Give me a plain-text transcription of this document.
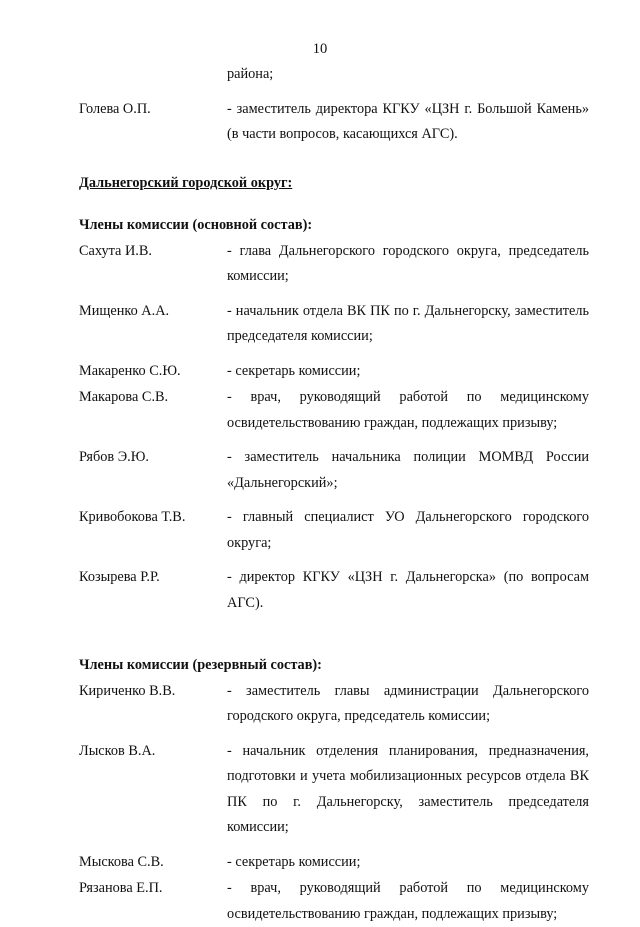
10
района;
Голева О.П.	- заместитель директора КГКУ «ЦЗН г. Большой Камень» (в части вопросов, касающихся АГС).
Дальнегорский городской округ:
Члены комиссии (основной состав):
Сахута И.В.	- глава Дальнегорского городского округа, председатель комиссии;
Мищенко А.А.	- начальник отдела ВК ПК по г. Дальнегорску, заместитель председателя комиссии;
Макаренко С.Ю.	- секретарь комиссии;
Макарова С.В.	- врач, руководящий работой по медицинскому освидетельствованию граждан, подлежащих призыву;
Рябов Э.Ю.	- заместитель начальника полиции МОМВД России «Дальнегорский»;
Кривобокова Т.В.	- главный специалист УО Дальнегорского городского округа;
Козырева Р.Р.	- директор КГКУ «ЦЗН г. Дальнегорска» (по вопросам АГС).
Члены комиссии (резервный состав):
Кириченко В.В.	- заместитель главы администрации Дальнегорского городского округа, председатель комиссии;
Лысков В.А.	- начальник отделения планирования, предназначения, подготовки и учета мобилизационных ресурсов отдела ВК ПК по г. Дальнегорску, заместитель председателя комиссии;
Мыскова С.В.	- секретарь комиссии;
Рязанова Е.П.	- врач, руководящий работой по медицинскому освидетельствованию граждан, подлежащих призыву;
